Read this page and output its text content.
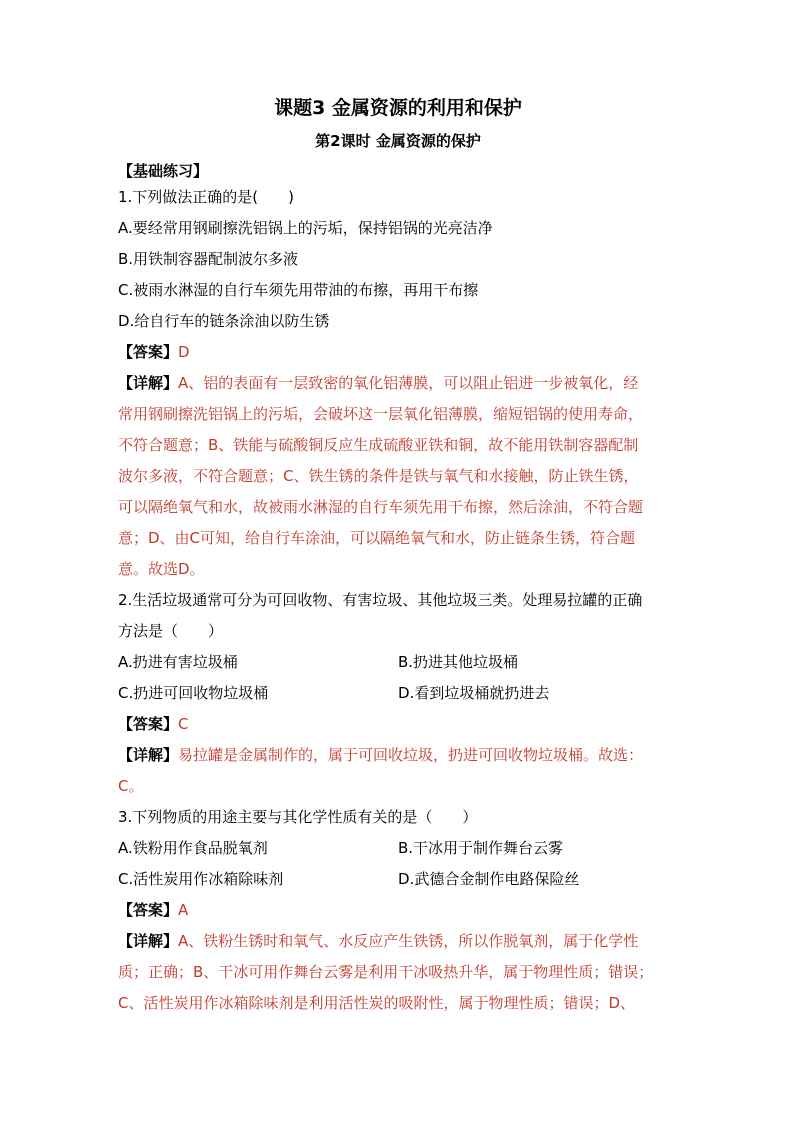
课题3 金属资源的利用和保护
第2课时 金属资源的保护
【基础练习】
1.下列做法正确的是(　　)
A.要经常用钢刷擦洗铝锅上的污垢，保持铝锅的光亮洁净
B.用铁制容器配制波尔多液
C.被雨水淋湿的自行车须先用带油的布擦，再用干布擦
D.给自行车的链条涂油以防生锈
【答案】D
【详解】A、铝的表面有一层致密的氧化铝薄膜，可以阻止铝进一步被氧化，经
常用钢刷擦洗铝锅上的污垢，会破坏这一层氧化铝薄膜，缩短铝锅的使用寿命，
不符合题意；B、铁能与硫酸铜反应生成硫酸亚铁和铜，故不能用铁制容器配制
波尔多液，不符合题意；C、铁生锈的条件是铁与氧气和水接触，防止铁生锈，
可以隔绝氧气和水，故被雨水淋湿的自行车须先用干布擦，然后涂油，不符合题
意；D、由C可知，给自行车涂油，可以隔绝氧气和水，防止链条生锈，符合题
意。故选D。
2.生活垃圾通常可分为可回收物、有害垃圾、其他垃圾三类。处理易拉罐的正确
方法是（　　）
A.扔进有害垃圾桶	B.扔进其他垃圾桶
C.扔进可回收物垃圾桶	D.看到垃圾桶就扔进去
【答案】C
【详解】易拉罐是金属制作的，属于可回收垃圾，扔进可回收物垃圾桶。故选：
C。
3.下列物质的用途主要与其化学性质有关的是（　　）
A.铁粉用作食品脱氧剂	B.干冰用于制作舞台云雾
C.活性炭用作冰箱除味剂	D.武德合金制作电路保险丝
【答案】A
【详解】A、铁粉生锈时和氧气、水反应产生铁锈，所以作脱氧剂，属于化学性
质；正确；B、干冰可用作舞台云雾是利用干冰吸热升华，属于物理性质；错误；
C、活性炭用作冰箱除味剂是利用活性炭的吸附性，属于物理性质；错误；D、
